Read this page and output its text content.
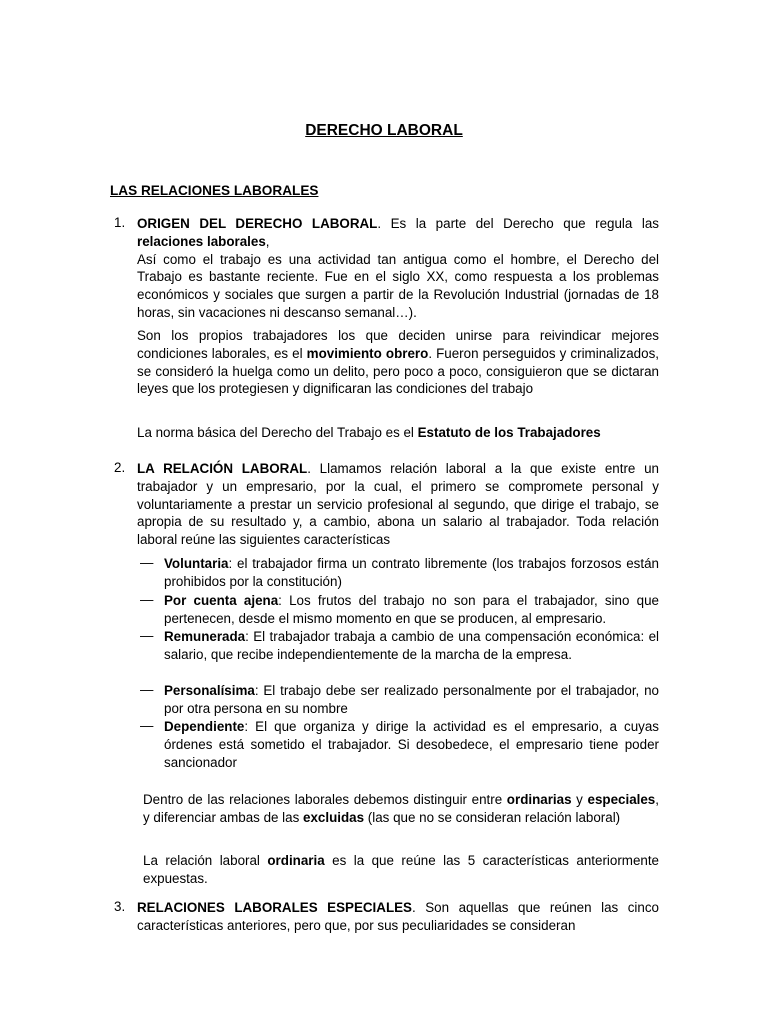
DERECHO LABORAL
LAS RELACIONES LABORALES
1. ORIGEN DEL DERECHO LABORAL. Es la parte del Derecho que regula las relaciones laborales,

Así como el trabajo es una actividad tan antigua como el hombre, el Derecho del Trabajo es bastante reciente. Fue en el siglo XX, como respuesta a los problemas económicos y sociales que surgen a partir de la Revolución Industrial (jornadas de 18 horas, sin vacaciones ni descanso semanal…).

Son los propios trabajadores los que deciden unirse para reivindicar mejores condiciones laborales, es el movimiento obrero. Fueron perseguidos y criminalizados, se consideró la huelga como un delito, pero poco a poco, consiguieron que se dictaran leyes que los protegiesen y dignificaran las condiciones del trabajo

La norma básica del Derecho del Trabajo es el Estatuto de los Trabajadores

2. LA RELACIÓN LABORAL. Llamamos relación laboral a la que existe entre un trabajador y un empresario, por la cual, el primero se compromete personal y voluntariamente a prestar un servicio profesional al segundo, que dirige el trabajo, se apropia de su resultado y, a cambio, abona un salario al trabajador. Toda relación laboral reúne las siguientes características

— Voluntaria: el trabajador firma un contrato libremente (los trabajos forzosos están prohibidos por la constitución)
— Por cuenta ajena: Los frutos del trabajo no son para el trabajador, sino que pertenecen, desde el mismo momento en que se producen, al empresario.
— Remunerada: El trabajador trabaja a cambio de una compensación económica: el salario, que recibe independientemente de la marcha de la empresa.
— Personalísima: El trabajo debe ser realizado personalmente por el trabajador, no por otra persona en su nombre
— Dependiente: El que organiza y dirige la actividad es el empresario, a cuyas órdenes está sometido el trabajador. Si desobedece, el empresario tiene poder sancionador

Dentro de las relaciones laborales debemos distinguir entre ordinarias y especiales, y diferenciar ambas de las excluidas (las que no se consideran relación laboral)

La relación laboral ordinaria es la que reúne las 5 características anteriormente expuestas.

3. RELACIONES LABORALES ESPECIALES. Son aquellas que reúnen las cinco características anteriores, pero que, por sus peculiaridades se consideran
